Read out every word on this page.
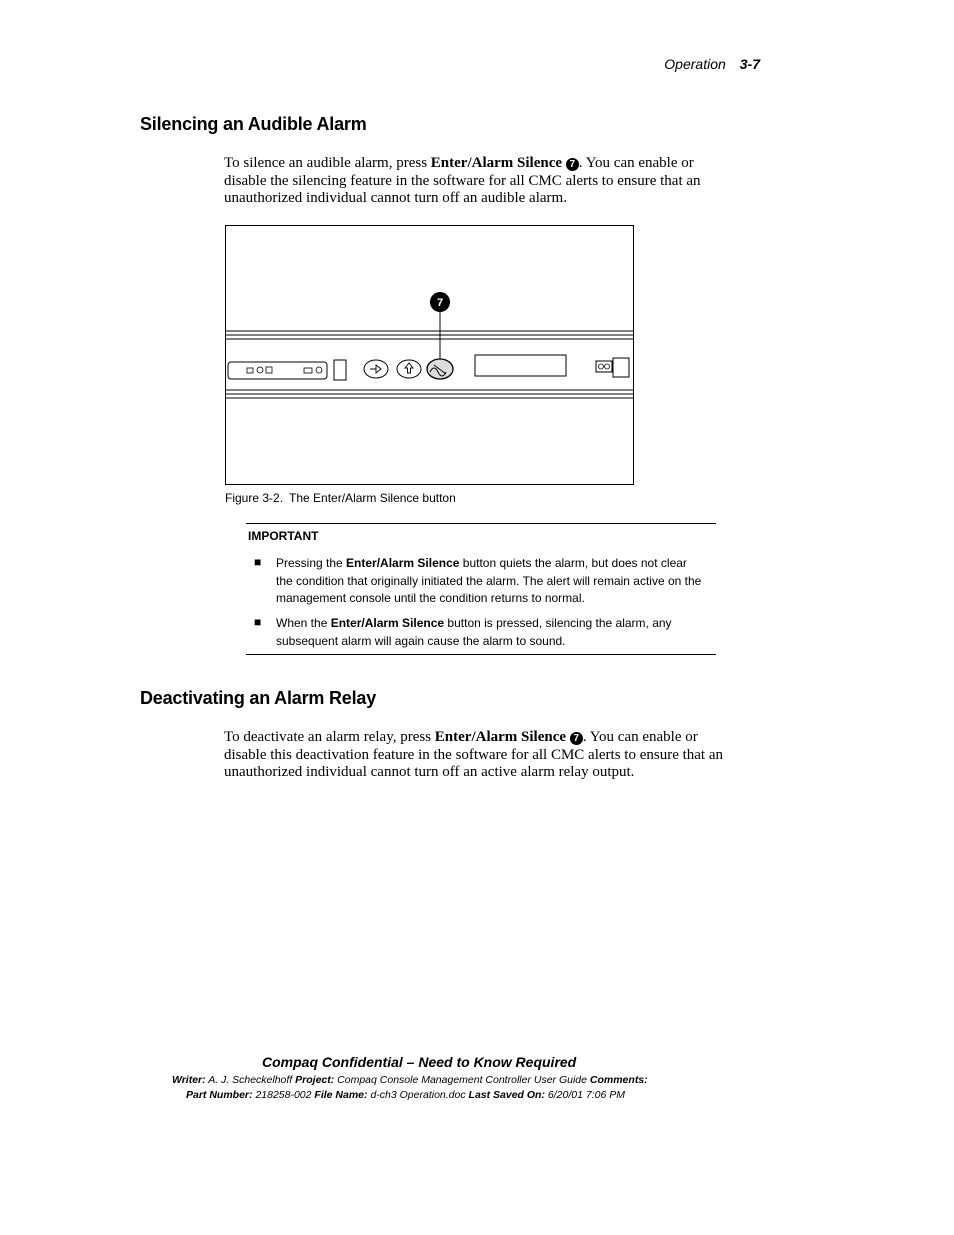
Operation 3-7
Silencing an Audible Alarm
To silence an audible alarm, press Enter/Alarm Silence 7 . You can enable or disable the silencing feature in the software for all CMC alerts to ensure that an unauthorized individual cannot turn off an audible alarm.
7
Figure 3-2. The Enter/Alarm Silence button
IMPORTANT
■ Pressing the Enter/Alarm Silence button quiets the alarm, but does not clear the condition that originally initiated the alarm. The alert will remain active on the management console until the condition returns to normal.
■ When the Enter/Alarm Silence button is pressed, silencing the alarm, any subsequent alarm will again cause the alarm to sound.
Deactivating an Alarm Relay
To deactivate an alarm relay, press Enter/Alarm Silence 7 . You can enable or disable this deactivation feature in the software for all CMC alerts to ensure that an unauthorized individual cannot turn off an active alarm relay output.
Compaq Confidential – Need to Know Required
Writer: A. J. Scheckelhoff Project: Compaq Console Management Controller User Guide Comments:
Part Number: 218258-002 File Name: d-ch3 Operation.doc Last Saved On: 6/20/01 7:06 PM
